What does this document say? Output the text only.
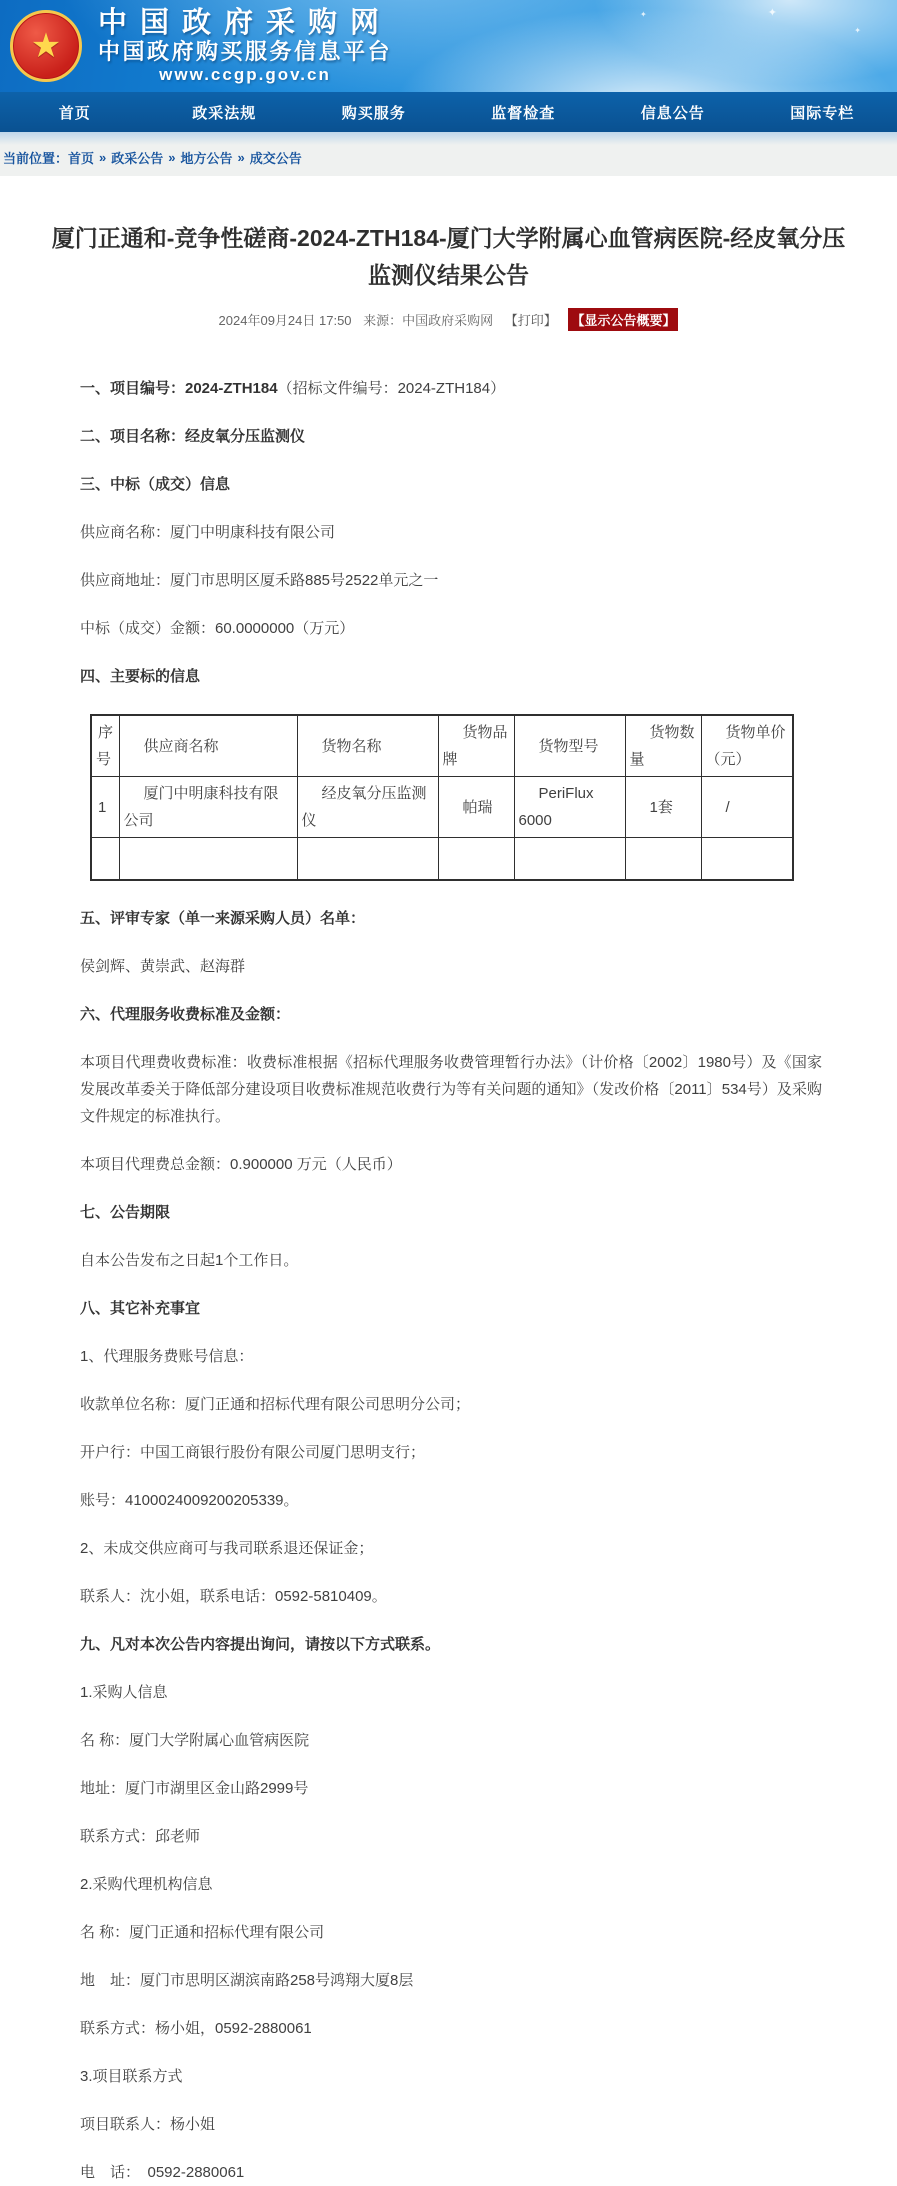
★
中国政府采购网
中国政府购买服务信息平台
www.ccgp.gov.cn
✦
✦
✦
首页	政采法规	购买服务	监督检查	信息公告	国际专栏
当前位置： 首页 » 政采公告 » 地方公告 » 成交公告
厦门正通和-竞争性磋商-2024-ZTH184-厦门大学附属心血管病医院-经皮氧分压监测仪结果公告
2024年09月24日 17:50 来源：中国政府采购网 【打印】 【显示公告概要】

一、项目编号：2024-ZTH184（招标文件编号：2024-ZTH184）

二、项目名称：经皮氧分压监测仪

三、中标（成交）信息

供应商名称：厦门中明康科技有限公司

供应商地址：厦门市思明区厦禾路885号2522单元之一

中标（成交）金额：60.0000000（万元）

四、主要标的信息

序号	供应商名称	货物名称	货物品牌	货物型号	货物数量	货物单价（元）
1	厦门中明康科技有限公司	经皮氧分压监测仪	帕瑞	PeriFlux 6000	1套	/

五、评审专家（单一来源采购人员）名单：

侯剑辉、黄崇武、赵海群

六、代理服务收费标准及金额：

本项目代理费收费标准：收费标准根据《招标代理服务收费管理暂行办法》（计价格〔2002〕1980号）及《国家发展改革委关于降低部分建设项目收费标准规范收费行为等有关问题的通知》（发改价格〔2011〕534号）及采购文件规定的标准执行。

本项目代理费总金额：0.900000 万元（人民币）

七、公告期限

自本公告发布之日起1个工作日。

八、其它补充事宜

1、代理服务费账号信息：

收款单位名称：厦门正通和招标代理有限公司思明分公司；

开户行：中国工商银行股份有限公司厦门思明支行；

账号：4100024009200205339。

2、未成交供应商可与我司联系退还保证金；

联系人：沈小姐，联系电话：0592-5810409。

九、凡对本次公告内容提出询问，请按以下方式联系。

1.采购人信息

名 称：厦门大学附属心血管病医院

地址：厦门市湖里区金山路2999号

联系方式：邱老师

2.采购代理机构信息

名 称：厦门正通和招标代理有限公司

地　址：厦门市思明区湖滨南路258号鸿翔大厦8层

联系方式：杨小姐，0592-2880061

3.项目联系方式

项目联系人：杨小姐

电　话：　0592-2880061
